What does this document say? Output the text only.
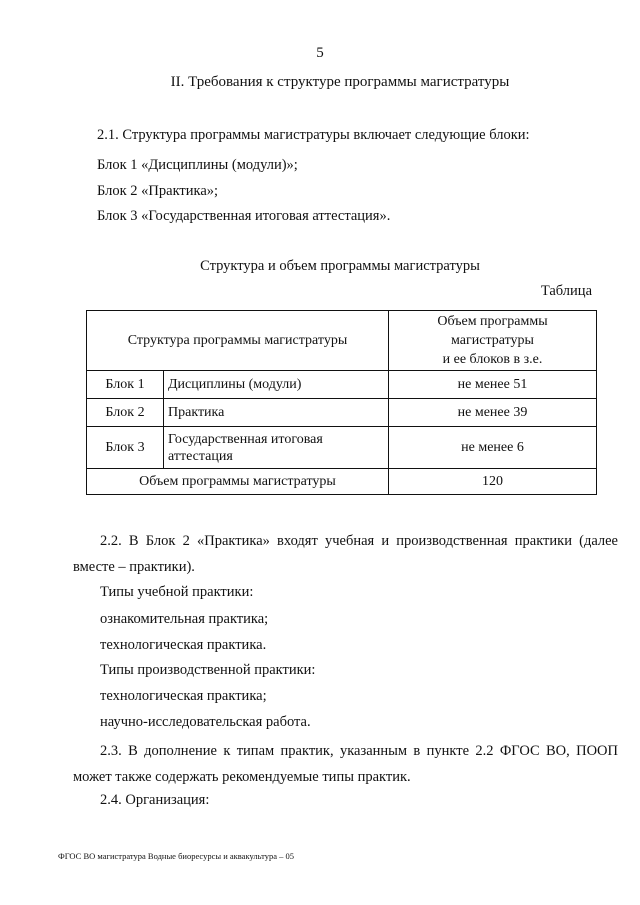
5
II. Требования к структуре программы магистратуры
2.1. Структура программы магистратуры включает следующие блоки:
Блок 1 «Дисциплины (модули)»;
Блок 2 «Практика»;
Блок 3 «Государственная итоговая аттестация».
Структура и объем программы магистратуры
Таблица
Структура программы магистратуры		Объем программы
магистратуры
и ее блоков в з.е.

Блок 1	Дисциплины (модули)	не менее 51
Блок 2	Практика	не менее 39
Блок 3	Государственная итоговая аттестация	не менее 6
Объем программы магистратуры		120
2.2. В Блок 2 «Практика» входят учебная и производственная практики (далее вместе – практики).
Типы учебной практики:
ознакомительная практика;
технологическая практика.
Типы производственной практики:
технологическая практика;
научно-исследовательская работа.
2.3. В дополнение к типам практик, указанным в пункте 2.2 ФГОС ВО, ПООП может также содержать рекомендуемые типы практик.
2.4. Организация:
ФГОС ВО магистратура Водные биоресурсы и аквакультура – 05
